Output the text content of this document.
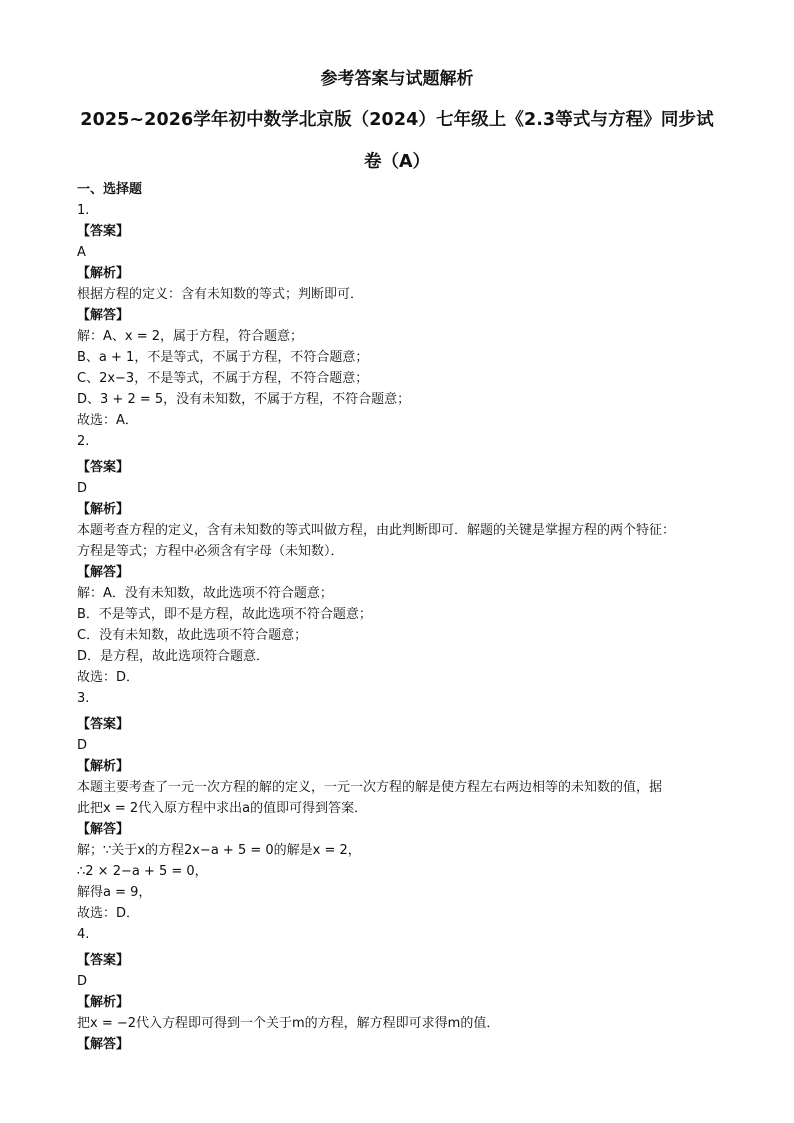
参考答案与试题解析
2025~2026学年初中数学北京版（2024）七年级上《2.3等式与方程》同步试
卷（A）
一、选择题
1.
【答案】
A
【解析】
根据方程的定义：含有未知数的等式；判断即可．
【解答】
解：A、x = 2，属于方程，符合题意；
B、a + 1，不是等式，不属于方程，不符合题意；
C、2x−3，不是等式，不属于方程，不符合题意；
D、3 + 2 = 5，没有未知数，不属于方程，不符合题意；
故选：A．
2.
【答案】
D
【解析】
本题考查方程的定义，含有未知数的等式叫做方程，由此判断即可．解题的关键是掌握方程的两个特征：
方程是等式；方程中必须含有字母（未知数）．
【解答】
解：A．没有未知数，故此选项不符合题意；
B．不是等式，即不是方程，故此选项不符合题意；
C．没有未知数，故此选项不符合题意；
D．是方程，故此选项符合题意．
故选：D．
3.
【答案】
D
【解析】
本题主要考查了一元一次方程的解的定义，一元一次方程的解是使方程左右两边相等的未知数的值，据
此把x = 2代入原方程中求出a的值即可得到答案．
【解答】
解；∵关于x的方程2x−a + 5 = 0的解是x = 2，
∴2 × 2−a + 5 = 0，
解得a = 9，
故选：D．
4.
【答案】
D
【解析】
把x = −2代入方程即可得到一个关于m的方程，解方程即可求得m的值．
【解答】
